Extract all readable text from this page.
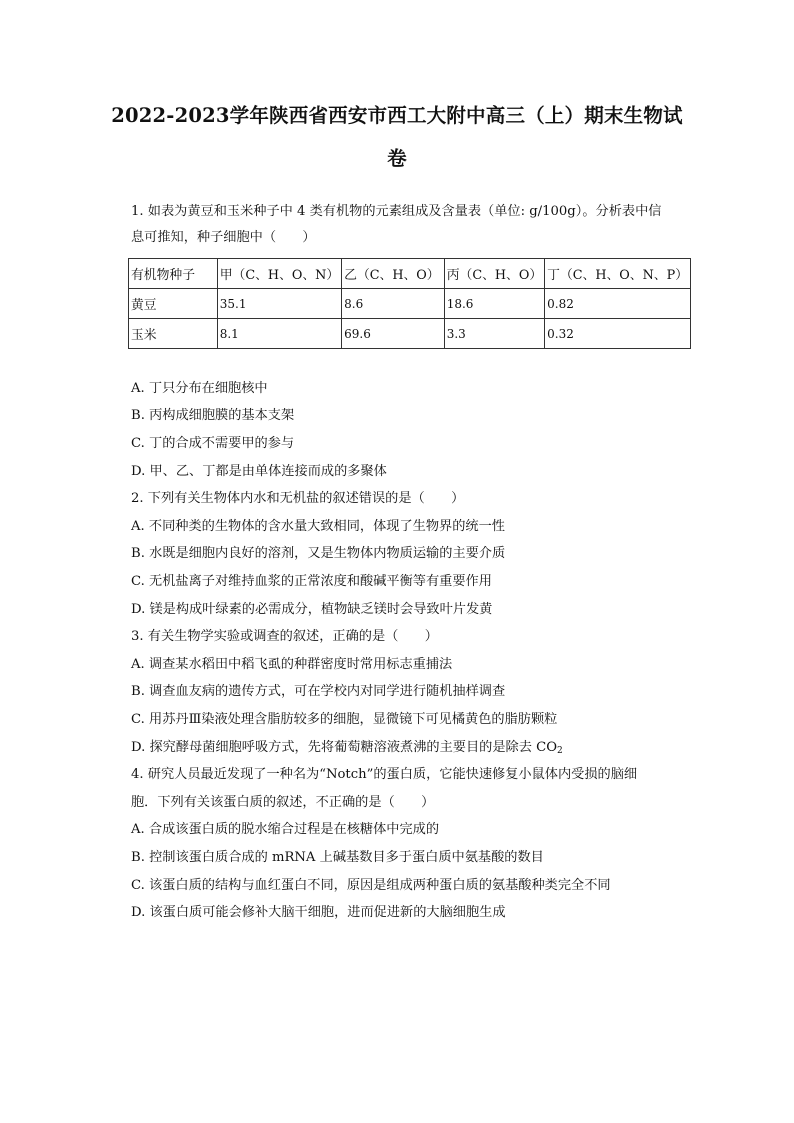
2022-2023学年陕西省西安市西工大附中高三（上）期末生物试
卷
1. 如表为黄豆和玉米种子中 4 类有机物的元素组成及含量表（单位: g/100g）。分析表中信
息可推知，种子细胞中（　　）
有机物种子	甲（C、H、O、N）	乙（C、H、O）	丙（C、H、O）	丁（C、H、O、N、P）
黄豆	35.1	8.6	18.6	0.82
玉米	8.1	69.6	3.3	0.32
A. 丁只分布在细胞核中
B. 丙构成细胞膜的基本支架
C. 丁的合成不需要甲的参与
D. 甲、乙、丁都是由单体连接而成的多聚体
2. 下列有关生物体内水和无机盐的叙述错误的是（　　）
A. 不同种类的生物体的含水量大致相同，体现了生物界的统一性
B. 水既是细胞内良好的溶剂，又是生物体内物质运输的主要介质
C. 无机盐离子对维持血浆的正常浓度和酸碱平衡等有重要作用
D. 镁是构成叶绿素的必需成分，植物缺乏镁时会导致叶片发黄
3. 有关生物学实验或调查的叙述，正确的是（　　）
A. 调查某水稻田中稻飞虱的种群密度时常用标志重捕法
B. 调查血友病的遗传方式，可在学校内对同学进行随机抽样调查
C. 用苏丹Ⅲ染液处理含脂肪较多的细胞，显微镜下可见橘黄色的脂肪颗粒
D. 探究酵母菌细胞呼吸方式，先将葡萄糖溶液煮沸的主要目的是除去 $CO_2$
4. 研究人员最近发现了一种名为“Notch”的蛋白质，它能快速修复小鼠体内受损的脑细
胞．下列有关该蛋白质的叙述，不正确的是（　　）
A. 合成该蛋白质的脱水缩合过程是在核糖体中完成的
B. 控制该蛋白质合成的 mRNA 上碱基数目多于蛋白质中氨基酸的数目
C. 该蛋白质的结构与血红蛋白不同，原因是组成两种蛋白质的氨基酸种类完全不同
D. 该蛋白质可能会修补大脑干细胞，进而促进新的大脑细胞生成
